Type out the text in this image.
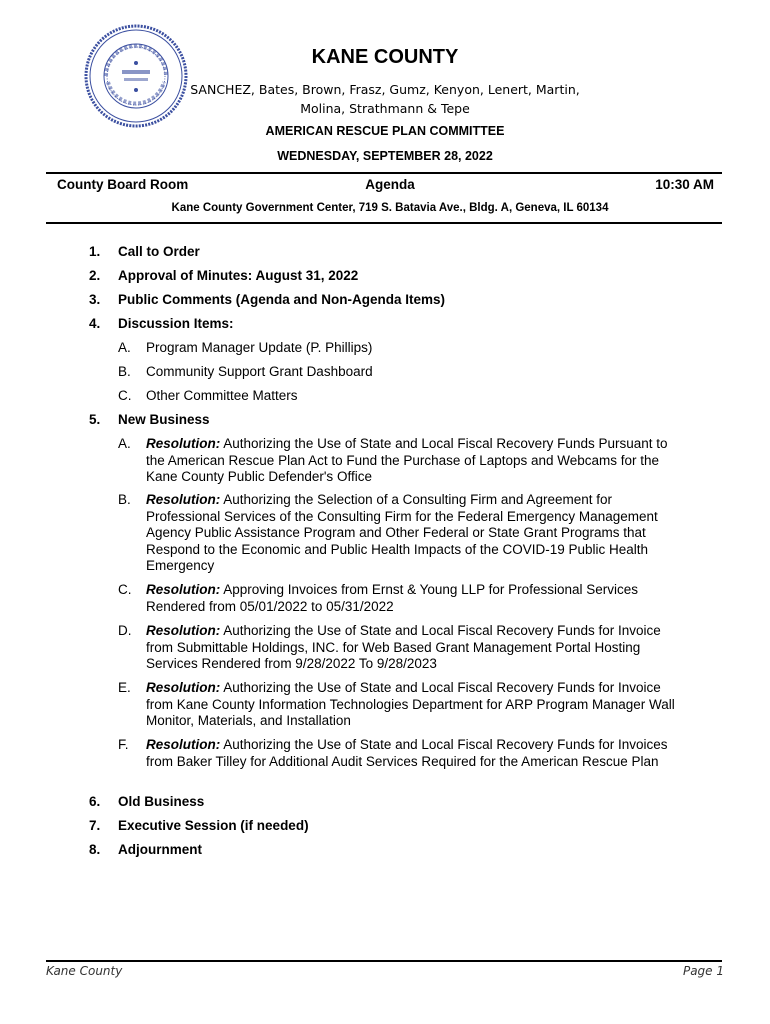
KANE COUNTY
SANCHEZ, Bates, Brown, Frasz, Gumz, Kenyon, Lenert, Martin,
Molina, Strathmann & Tepe
AMERICAN RESCUE PLAN COMMITTEE
WEDNESDAY, SEPTEMBER 28, 2022
County Board Room	Agenda	10:30 AM
Kane County Government Center, 719 S. Batavia Ave., Bldg. A, Geneva, IL 60134
1.	Call to Order
2.	Approval of Minutes: August 31, 2022
3.	Public Comments (Agenda and Non-Agenda Items)
4.	Discussion Items:
A. Program Manager Update (P. Phillips)
B. Community Support Grant Dashboard
C. Other Committee Matters
5.	New Business
A. Resolution: Authorizing the Use of State and Local Fiscal Recovery Funds Pursuant to the American Rescue Plan Act to Fund the Purchase of Laptops and Webcams for the Kane County Public Defender's Office
B. Resolution: Authorizing the Selection of a Consulting Firm and Agreement for Professional Services of the Consulting Firm for the Federal Emergency Management Agency Public Assistance Program and Other Federal or State Grant Programs that Respond to the Economic and Public Health Impacts of the COVID-19 Public Health Emergency
C. Resolution: Approving Invoices from Ernst & Young LLP for Professional Services Rendered from 05/01/2022 to 05/31/2022
D. Resolution: Authorizing the Use of State and Local Fiscal Recovery Funds for Invoice from Submittable Holdings, INC. for Web Based Grant Management Portal Hosting Services Rendered from 9/28/2022 To 9/28/2023
E. Resolution: Authorizing the Use of State and Local Fiscal Recovery Funds for Invoice from Kane County Information Technologies Department for ARP Program Manager Wall Monitor, Materials, and Installation
F. Resolution: Authorizing the Use of State and Local Fiscal Recovery Funds for Invoices from Baker Tilley for Additional Audit Services Required for the American Rescue Plan
6.	Old Business
7.	Executive Session (if needed)
8.	Adjournment
Kane County	Page 1
